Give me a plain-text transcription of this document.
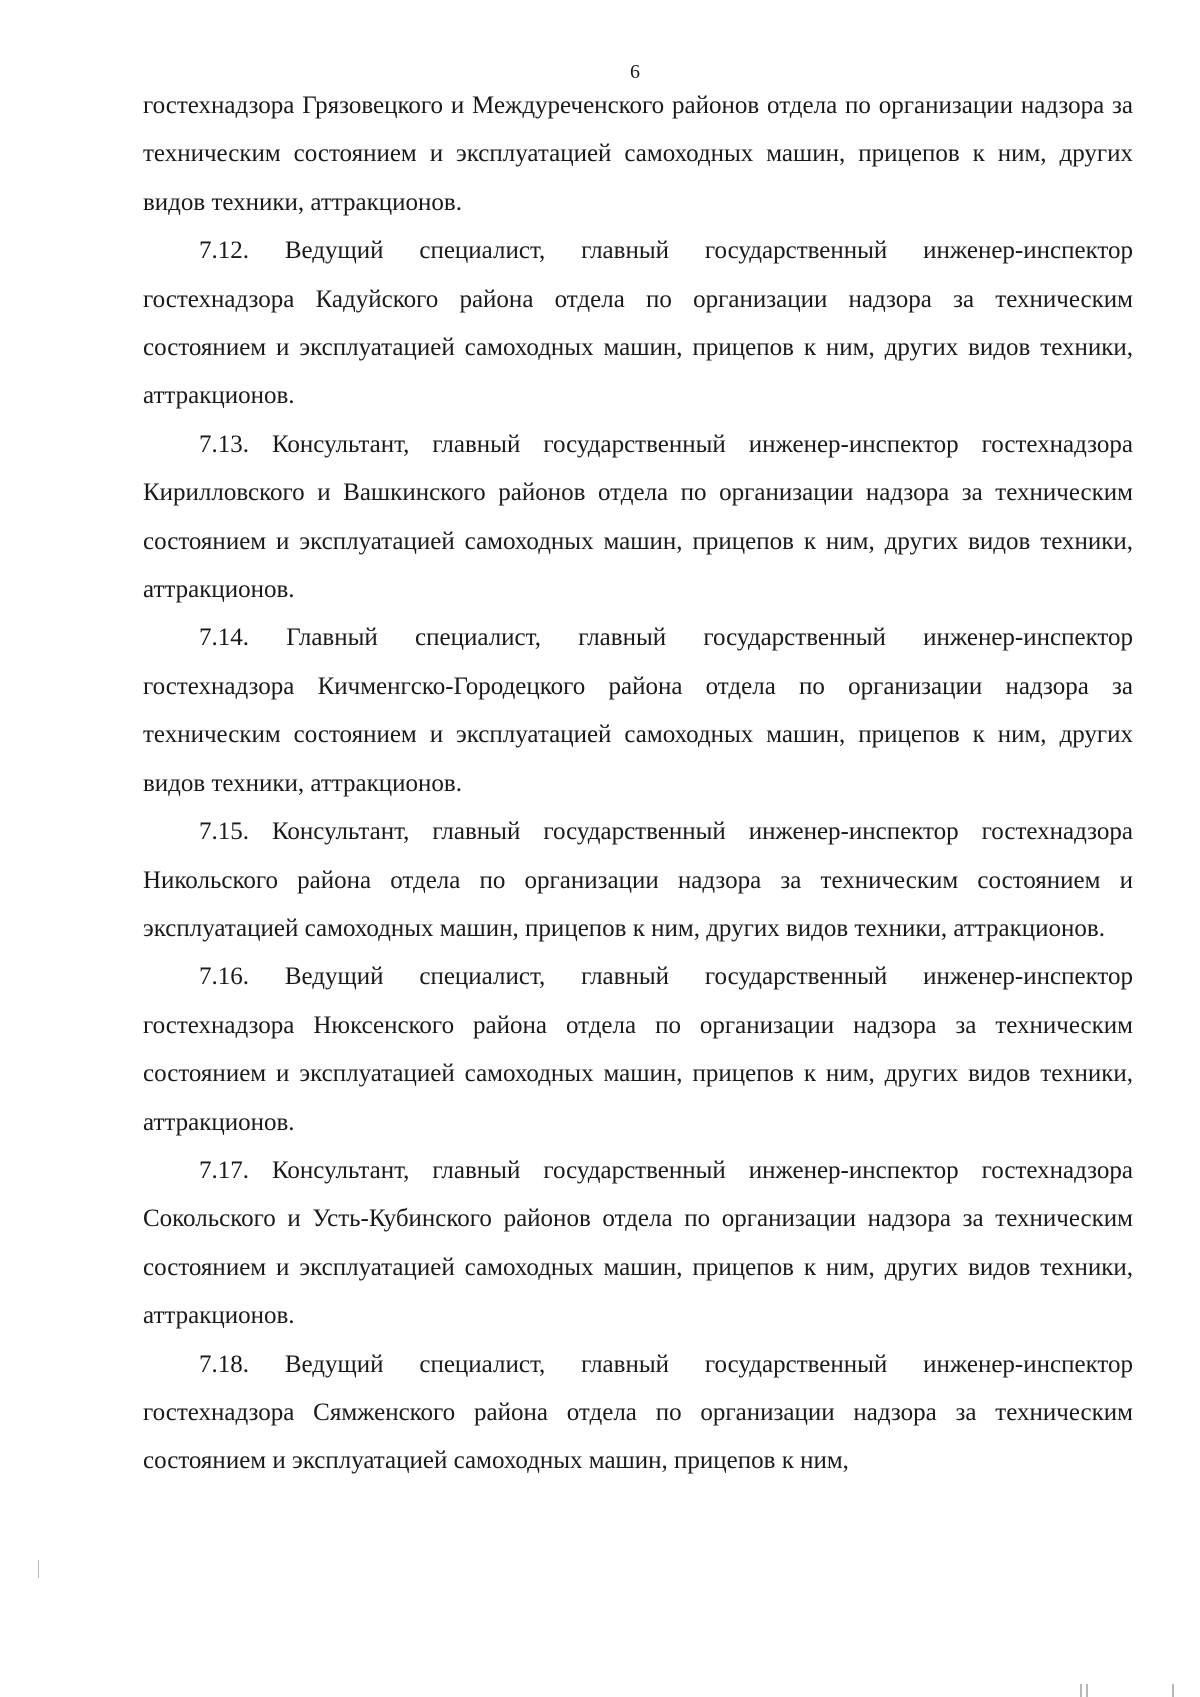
6

гостехнадзора Грязовецкого и Междуреченского районов отдела по организации надзора за техническим состоянием и эксплуатацией самоходных машин, прицепов к ним, других видов техники, аттракционов.

7.12. Ведущий специалист, главный государственный инженер-инспектор гостехнадзора Кадуйского района отдела по организации надзора за техническим состоянием и эксплуатацией самоходных машин, прицепов к ним, других видов техники, аттракционов.

7.13. Консультант, главный государственный инженер-инспектор гостехнадзора Кирилловского и Вашкинского районов отдела по организации надзора за техническим состоянием и эксплуатацией самоходных машин, прицепов к ним, других видов техники, аттракционов.

7.14. Главный специалист, главный государственный инженер-инспектор гостехнадзора Кичменгско-Городецкого района отдела по организации надзора за техническим состоянием и эксплуатацией самоходных машин, прицепов к ним, других видов техники, аттракционов.

7.15. Консультант, главный государственный инженер-инспектор гостехнадзора Никольского района отдела по организации надзора за техническим состоянием и эксплуатацией самоходных машин, прицепов к ним, других видов техники, аттракционов.

7.16. Ведущий специалист, главный государственный инженер-инспектор гостехнадзора Нюксенского района отдела по организации надзора за техническим состоянием и эксплуатацией самоходных машин, прицепов к ним, других видов техники, аттракционов.

7.17. Консультант, главный государственный инженер-инспектор гостехнадзора Сокольского и Усть-Кубинского районов отдела по организации надзора за техническим состоянием и эксплуатацией самоходных машин, прицепов к ним, других видов техники, аттракционов.

7.18. Ведущий специалист, главный государственный инженер-инспектор гостехнадзора Сямженского района отдела по организации надзора за техническим состоянием и эксплуатацией самоходных машин, прицепов к ним,
